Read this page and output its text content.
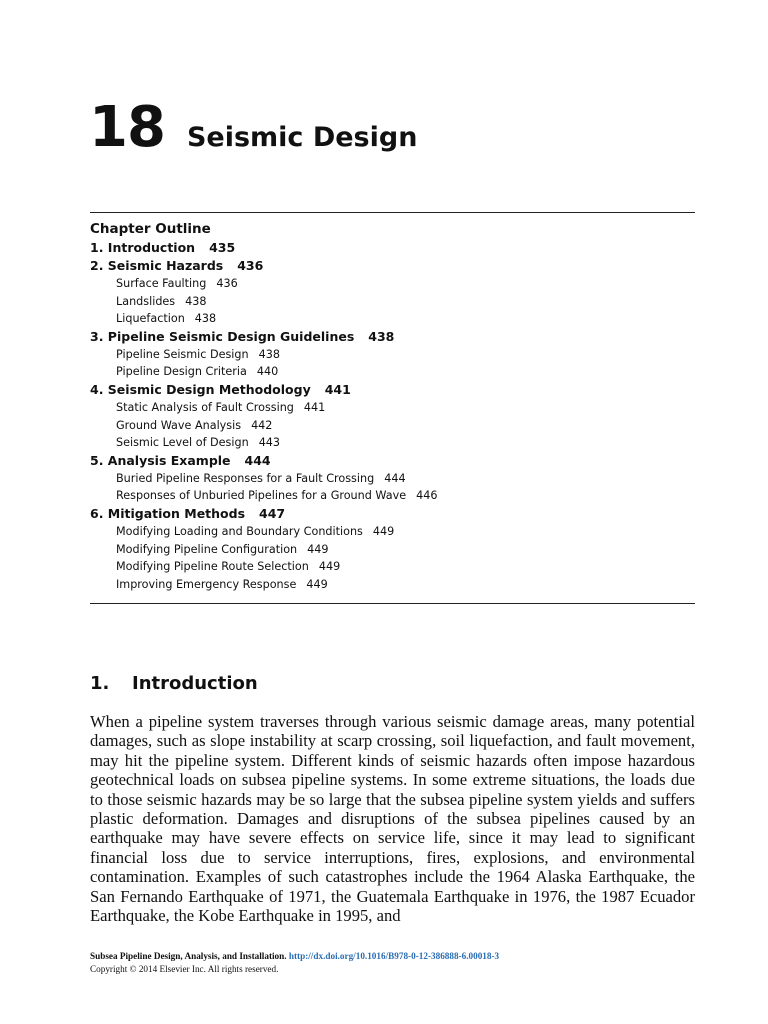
18 Seismic Design
Chapter Outline
1. Introduction 435
2. Seismic Hazards 436
Surface Faulting 436
Landslides 438
Liquefaction 438
3. Pipeline Seismic Design Guidelines 438
Pipeline Seismic Design 438
Pipeline Design Criteria 440
4. Seismic Design Methodology 441
Static Analysis of Fault Crossing 441
Ground Wave Analysis 442
Seismic Level of Design 443
5. Analysis Example 444
Buried Pipeline Responses for a Fault Crossing 444
Responses of Unburied Pipelines for a Ground Wave 446
6. Mitigation Methods 447
Modifying Loading and Boundary Conditions 449
Modifying Pipeline Configuration 449
Modifying Pipeline Route Selection 449
Improving Emergency Response 449
1. Introduction

When a pipeline system traverses through various seismic damage areas, many potential damages, such as slope instability at scarp crossing, soil liquefaction, and fault movement, may hit the pipeline system. Different kinds of seismic hazards often impose hazardous geotechnical loads on subsea pipeline systems. In some extreme situations, the loads due to those seismic hazards may be so large that the subsea pipeline system yields and suffers plastic deformation. Damages and disruptions of the subsea pipelines caused by an earthquake may have severe effects on service life, since it may lead to significant financial loss due to service interruptions, fires, explosions, and environmental contamination. Examples of such catastrophes include the 1964 Alaska Earthquake, the San Fernando Earthquake of 1971, the Guatemala Earthquake in 1976, the 1987 Ecuador Earthquake, the Kobe Earthquake in 1995, and

Subsea Pipeline Design, Analysis, and Installation. http://dx.doi.org/10.1016/B978-0-12-386888-6.00018-3
Copyright © 2014 Elsevier Inc. All rights reserved.
